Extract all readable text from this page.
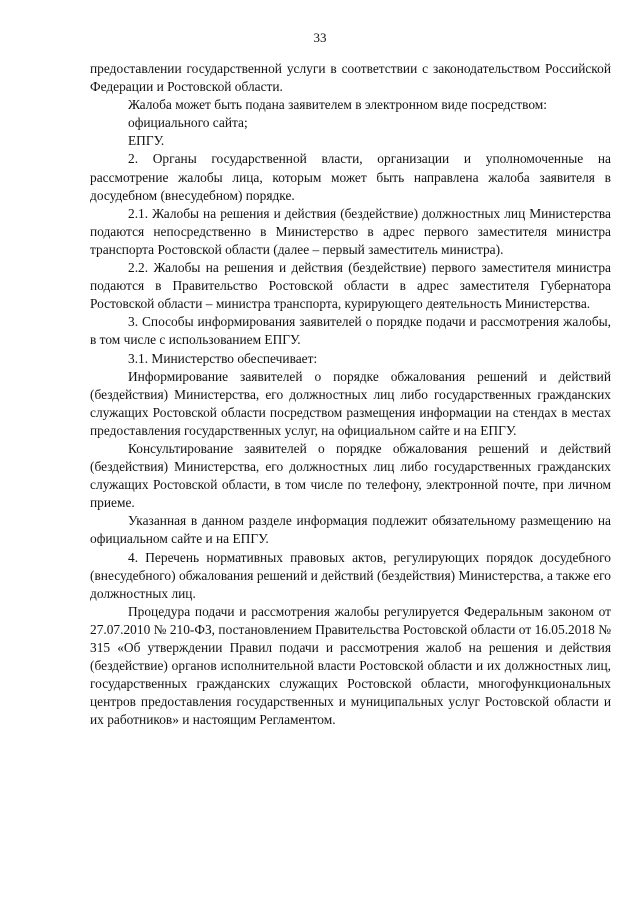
33

предоставлении государственной услуги в соответствии с законодательством Российской Федерации и Ростовской области.

Жалоба может быть подана заявителем в электронном виде посредством:

официального сайта;

ЕПГУ.

2. Органы государственной власти, организации и уполномоченные на рассмотрение жалобы лица, которым может быть направлена жалоба заявителя в досудебном (внесудебном) порядке.

2.1. Жалобы на решения и действия (бездействие) должностных лиц Министерства подаются непосредственно в Министерство в адрес первого заместителя министра транспорта Ростовской области (далее – первый заместитель министра).

2.2. Жалобы на решения и действия (бездействие) первого заместителя министра подаются в Правительство Ростовской области в адрес заместителя Губернатора Ростовской области – министра транспорта, курирующего деятельность Министерства.

3. Способы информирования заявителей о порядке подачи и рассмотрения жалобы, в том числе с использованием ЕПГУ.

3.1. Министерство обеспечивает:

Информирование заявителей о порядке обжалования решений и действий (бездействия) Министерства, его должностных лиц либо государственных гражданских служащих Ростовской области посредством размещения информации на стендах в местах предоставления государственных услуг, на официальном сайте и на ЕПГУ.

Консультирование заявителей о порядке обжалования решений и действий (бездействия) Министерства, его должностных лиц либо государственных гражданских служащих Ростовской области, в том числе по телефону, электронной почте, при личном приеме.

Указанная в данном разделе информация подлежит обязательному размещению на официальном сайте и на ЕПГУ.

4. Перечень нормативных правовых актов, регулирующих порядок досудебного (внесудебного) обжалования решений и действий (бездействия) Министерства, а также его должностных лиц.

Процедура подачи и рассмотрения жалобы регулируется Федеральным законом от 27.07.2010 № 210-ФЗ, постановлением Правительства Ростовской области от 16.05.2018 № 315 «Об утверждении Правил подачи и рассмотрения жалоб на решения и действия (бездействие) органов исполнительной власти Ростовской области и их должностных лиц, государственных гражданских служащих Ростовской области, многофункциональных центров предоставления государственных и муниципальных услуг Ростовской области и их работников» и настоящим Регламентом.
